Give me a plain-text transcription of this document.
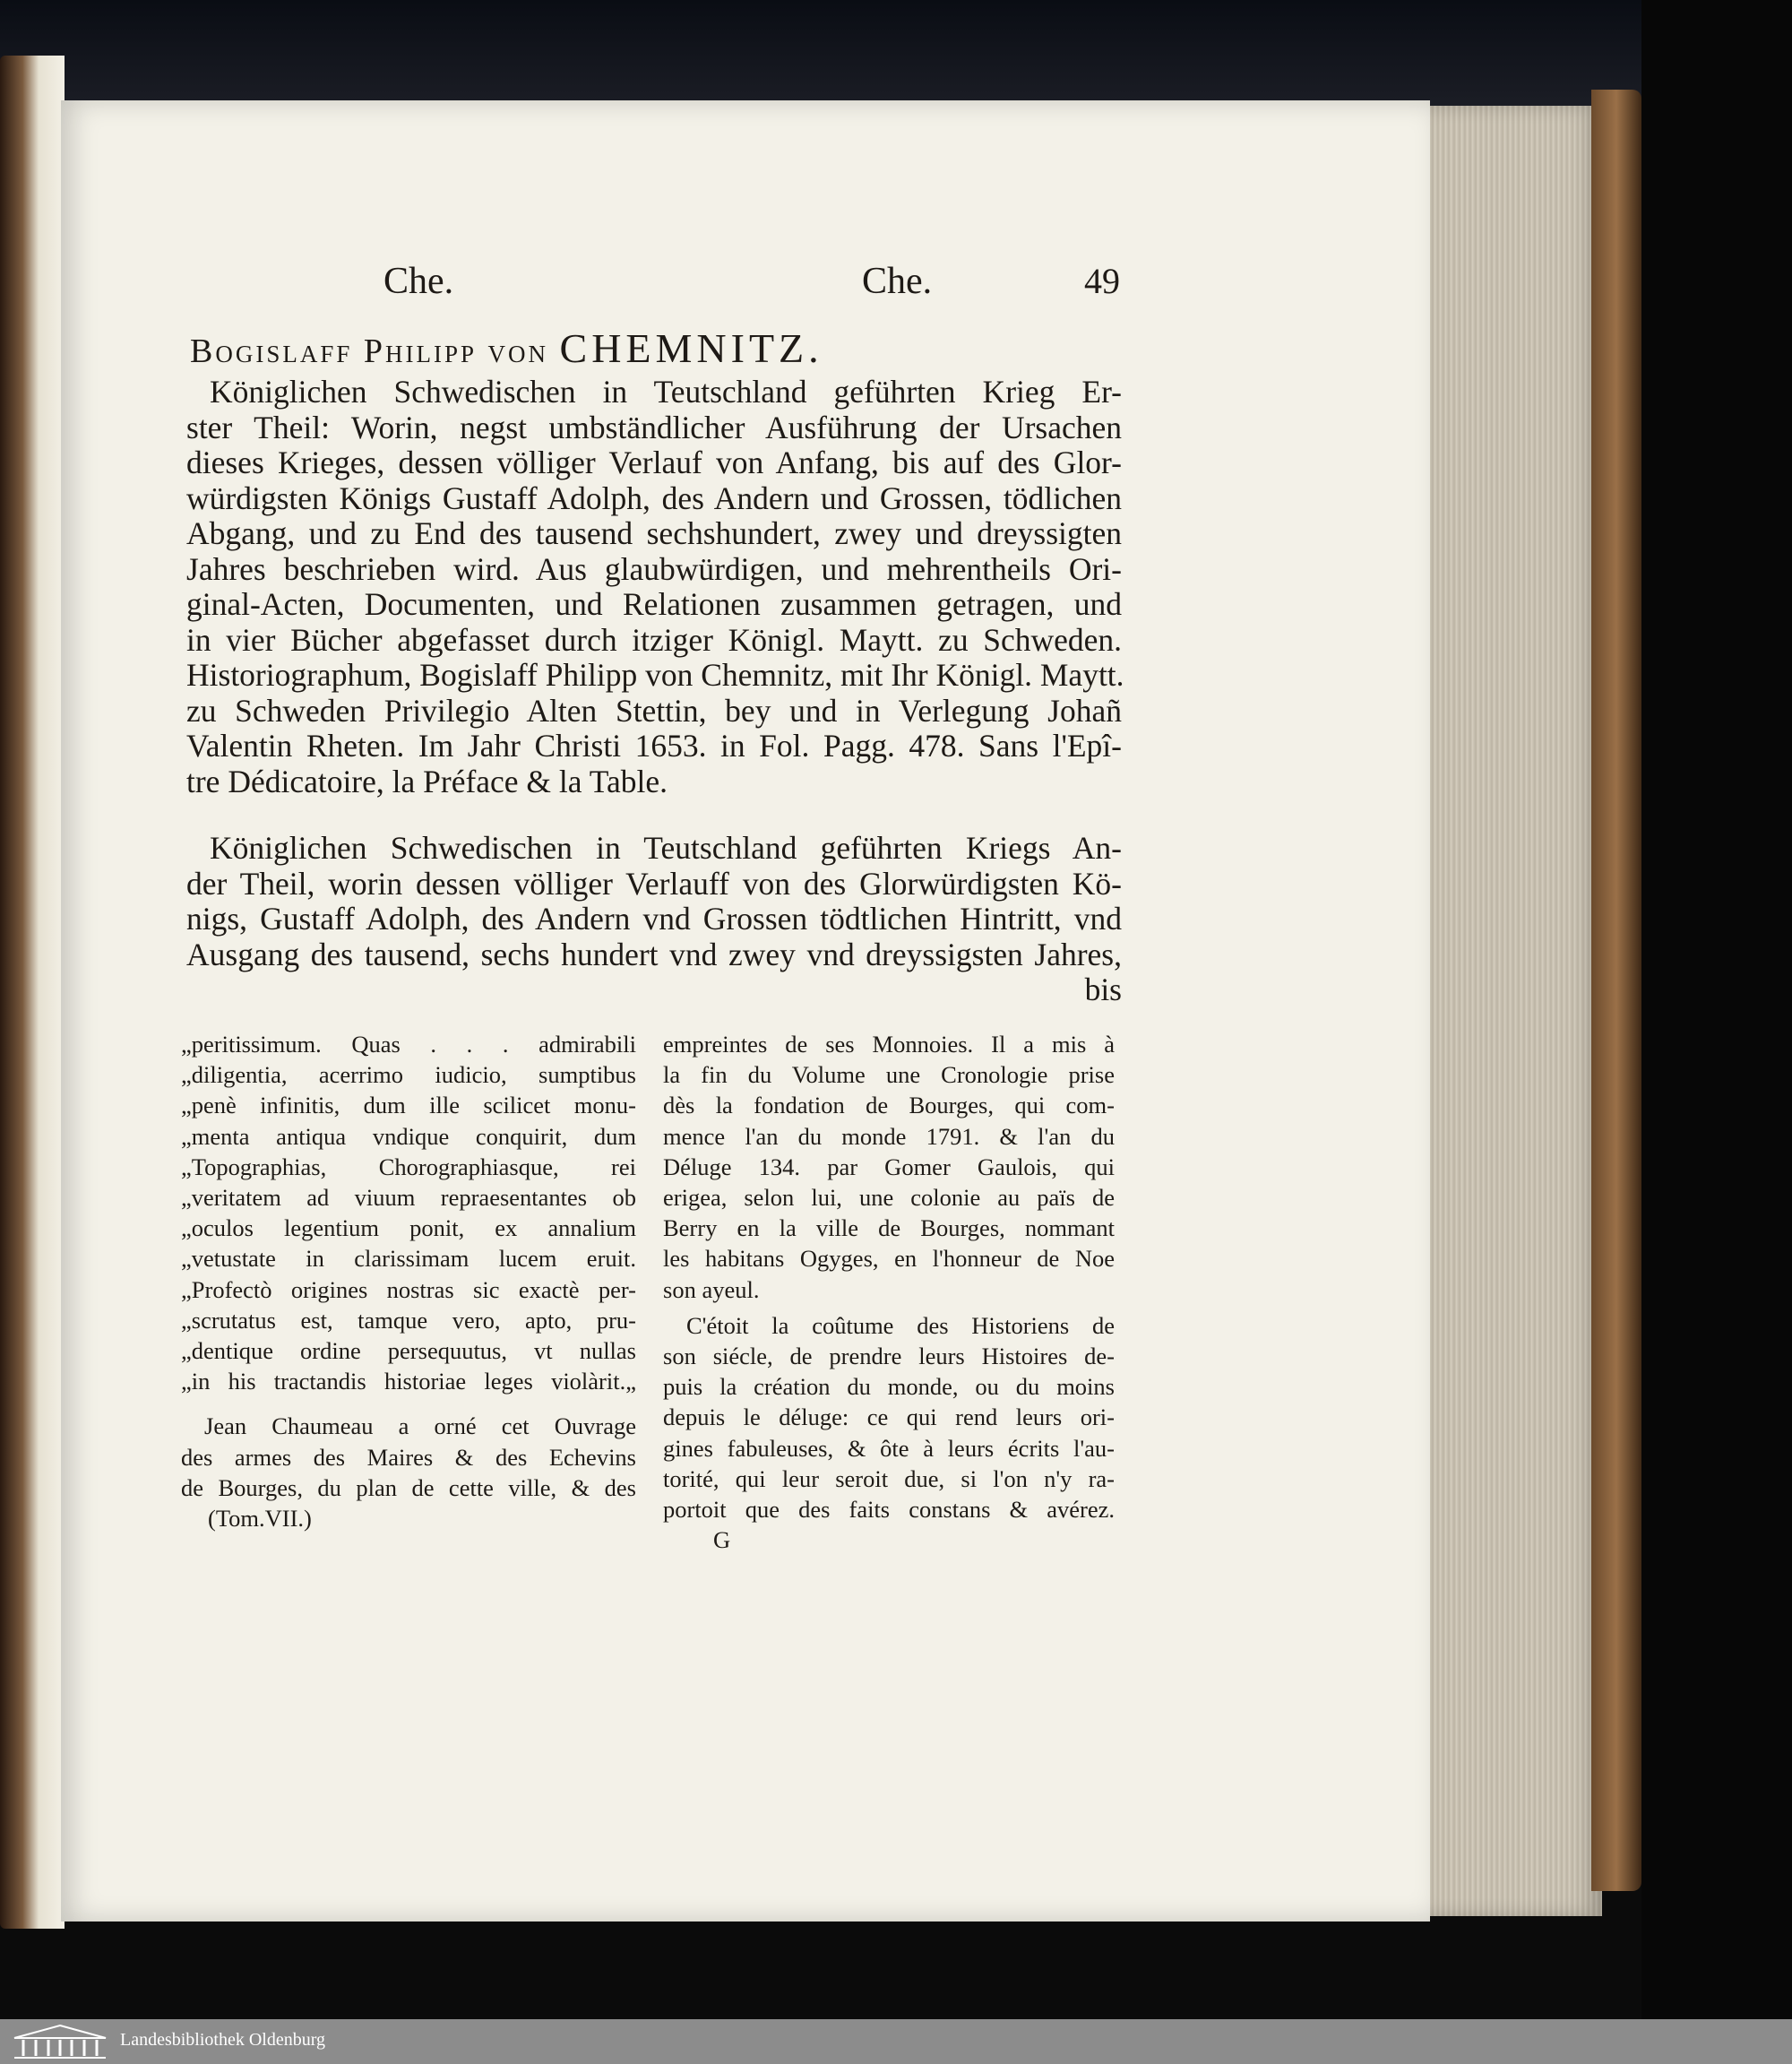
Che.	Che.	49
Bogislaff Philipp von CHEMNITZ.
Königlichen Schwedischen in Teutschland geführten Krieg Er-
ster Theil: Worin, negst umbständlicher Ausführung der Ursachen
dieses Krieges, dessen völliger Verlauf von Anfang, bis auf des Glor-
würdigsten Königs Gustaff Adolph, des Andern und Grossen, tödlichen
Abgang, und zu End des tausend sechshundert, zwey und dreyssigten
Jahres beschrieben wird. Aus glaubwürdigen, und mehrentheils Ori-
ginal-Acten, Documenten, und Relationen zusammen getragen, und
in vier Bücher abgefasset durch itziger Königl. Maytt. zu Schweden.
Historiographum, Bogislaff Philipp von Chemnitz, mit Ihr Königl. Maytt.
zu Schweden Privilegio Alten Stettin, bey und in Verlegung Johañ
Valentin Rheten. Im Jahr Christi 1653. in Fol. Pagg. 478. Sans l'Epî-
tre Dédicatoire, la Préface & la Table.
Königlichen Schwedischen in Teutschland geführten Kriegs An-
der Theil, worin dessen völliger Verlauff von des Glorwürdigsten Kö-
nigs, Gustaff Adolph, des Andern vnd Grossen tödtlichen Hintritt, vnd
Ausgang des tausend, sechs hundert vnd zwey vnd dreyssigsten Jahres,
bis
„peritissimum. Quas . . . admirabili
„diligentia, acerrimo iudicio, sumptibus
„penè infinitis, dum ille scilicet monu-
„menta antiqua vndique conquirit, dum
„Topographias, Chorographiasque, rei
„veritatem ad viuum repraesentantes ob
„oculos legentium ponit, ex annalium
„vetustate in clarissimam lucem eruit.
„Profectò origines nostras sic exactè per-
„scrutatus est, tamque vero, apto, pru-
„dentique ordine persequutus, vt nullas
„in his tractandis historiae leges violàrit.„
Jean Chaumeau a orné cet Ouvrage
des armes des Maires & des Echevins
de Bourges, du plan de cette ville, & des
(Tom.VII.)
empreintes de ses Monnoies. Il a mis à
la fin du Volume une Cronologie prise
dès la fondation de Bourges, qui com-
mence l'an du monde 1791. & l'an du
Déluge 134. par Gomer Gaulois, qui
erigea, selon lui, une colonie au païs de
Berry en la ville de Bourges, nommant
les habitans Ogyges, en l'honneur de Noe
son ayeul.
C'étoit la coûtume des Historiens de
son siécle, de prendre leurs Histoires de-
puis la création du monde, ou du moins
depuis le déluge: ce qui rend leurs ori-
gines fabuleuses, & ôte à leurs écrits l'au-
torité, qui leur seroit due, si l'on n'y ra-
portoit que des faits constans & avérez.
G
Landesbibliothek Oldenburg
